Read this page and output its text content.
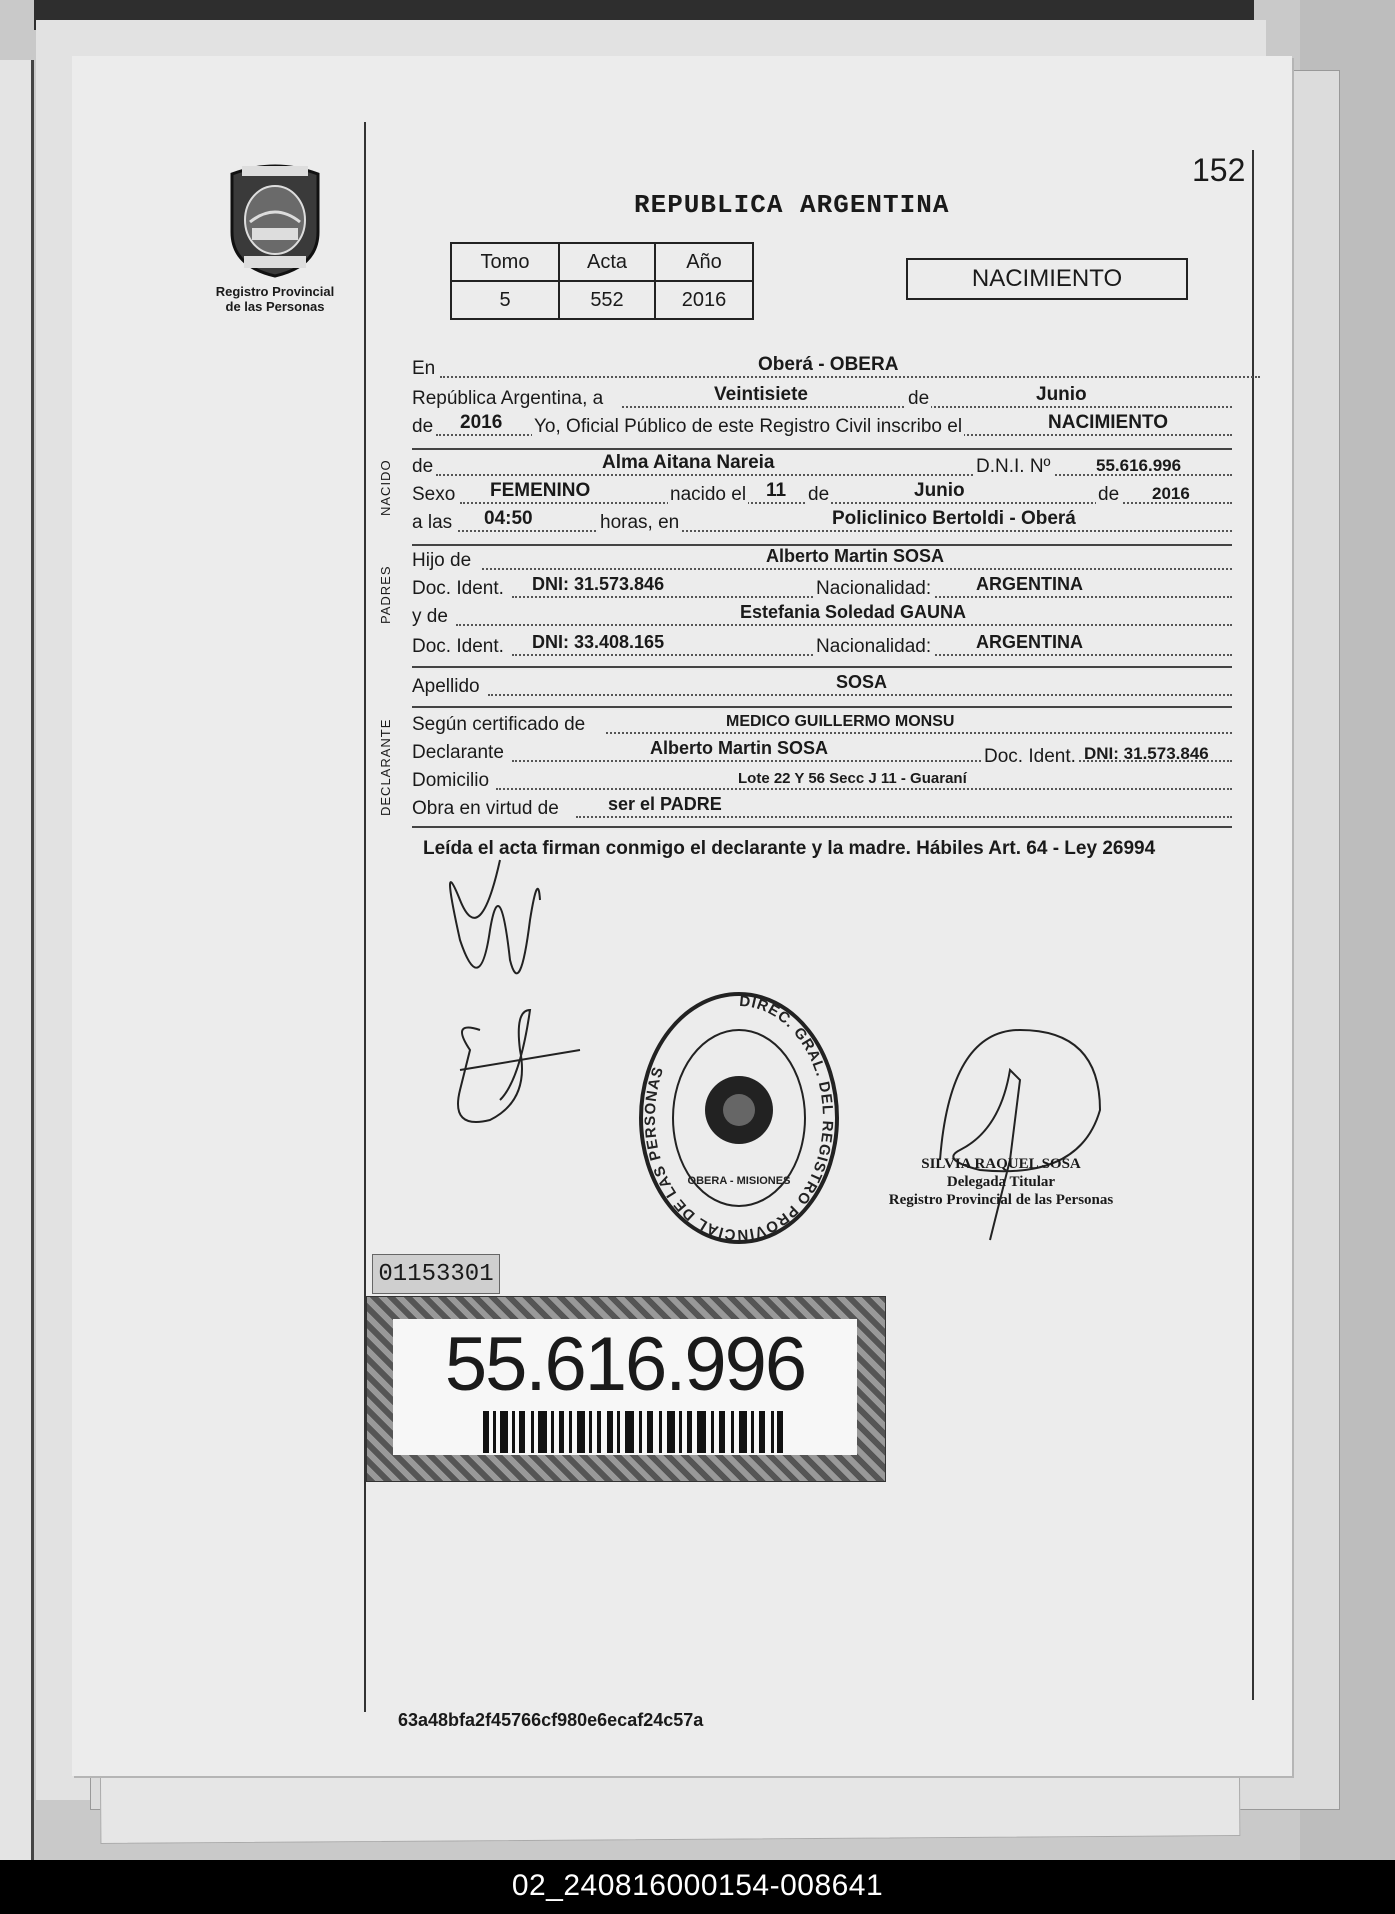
Registro Provincial
de las Personas
152
REPUBLICA ARGENTINA
Tomo	Acta	Año
5	552	2016
NACIMIENTO
En	Oberá - OBERA
República Argentina, a	Veintisiete	de	Junio
de 2016 Yo, Oficial Público de este Registro Civil inscribo el	NACIMIENTO
NACIDO de	Alma Aitana Nareia	D.N.I. Nº	55.616.996
Sexo FEMENINO	nacido el 11 de	Junio	de 2016
a las 04:50	horas, en	Policlinico Bertoldi - Oberá
PADRES
Hijo de	Alberto Martin SOSA
Doc. Ident. DNI: 31.573.846	Nacionalidad: ARGENTINA
y de	Estefania Soledad GAUNA
Doc. Ident. DNI: 33.408.165	Nacionalidad: ARGENTINA
Apellido	SOSA
DECLARANTE Según certificado de	MEDICO GUILLERMO MONSU
Declarante	Alberto Martin SOSA	Doc. Ident. DNI: 31.573.846
Domicilio	Lote 22 Y 56 Secc J 11 - Guaraní
Obra en virtud de	ser el PADRE
Leída el acta firman conmigo el declarante y la madre. Hábiles Art. 64 - Ley 26994
DIREC. GRAL. DEL REGISTRO PROVINCIAL DE LAS PERSONAS
OBERA - MISIONES
SILVIA RAQUEL SOSA
Delegada Titular
Registro Provincial de las Personas
01153301
55.616.996
63a48bfa2f45766cf980e6ecaf24c57a
02_240816000154-008641
